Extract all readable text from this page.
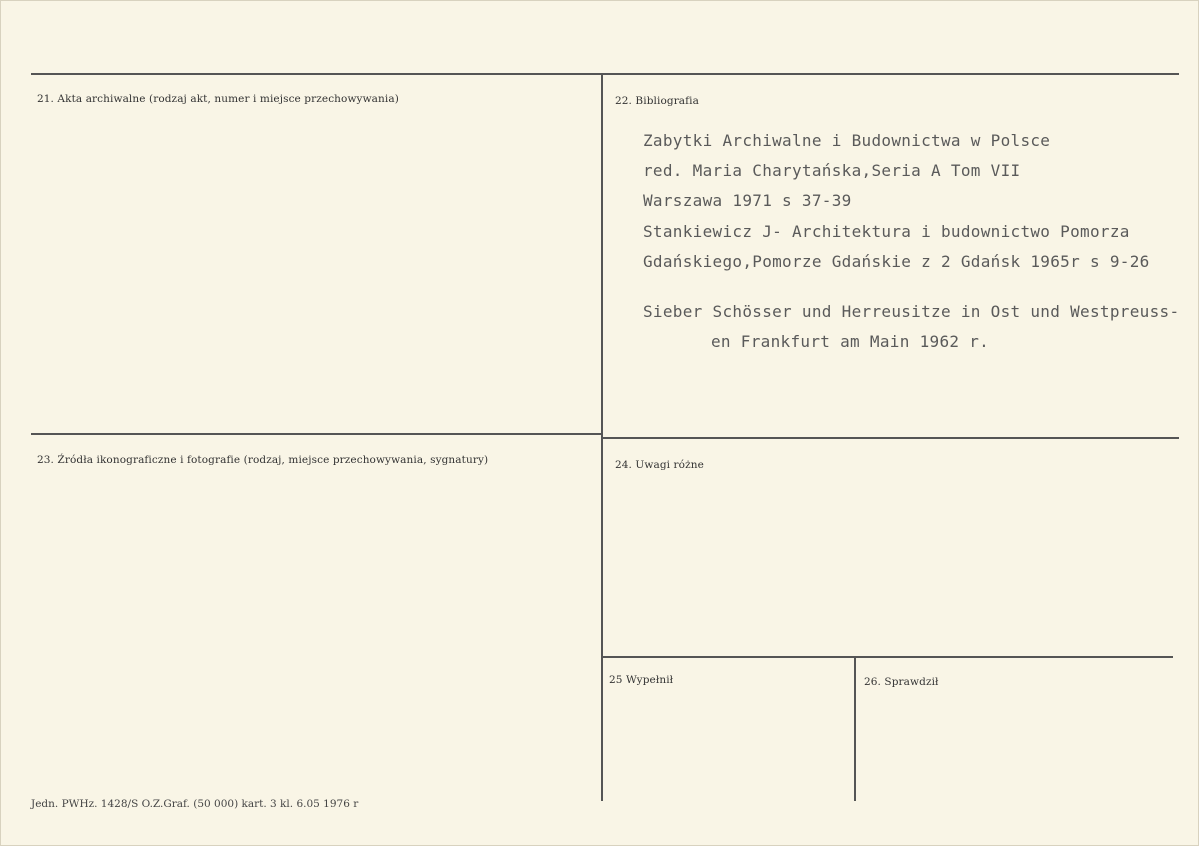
21. Akta archiwalne (rodzaj akt, numer i miejsce przechowywania)	22. Bibliografia
Zabytki Archiwalne i Budownictwa w Polsce
red. Maria Charytańska,Seria A Tom VII
Warszawa 1971 s 37-39
Stankiewicz J- Architektura i budownictwo Pomorza
Gdańskiego,Pomorze Gdańskie z 2 Gdańsk 1965r s 9-26
Sieber Schösser und Herreusitze in Ost und Westpreuss-
en Frankfurt am Main 1962 r.
23. Źródła ikonograficzne i fotografie (rodzaj, miejsce przechowywania, sygnatury)	24. Uwagi różne
25 Wypełnił	26. Sprawdził
Jedn. PWHz. 1428/S O.Z.Graf. (50 000) kart. 3 kl. 6.05 1976 r
